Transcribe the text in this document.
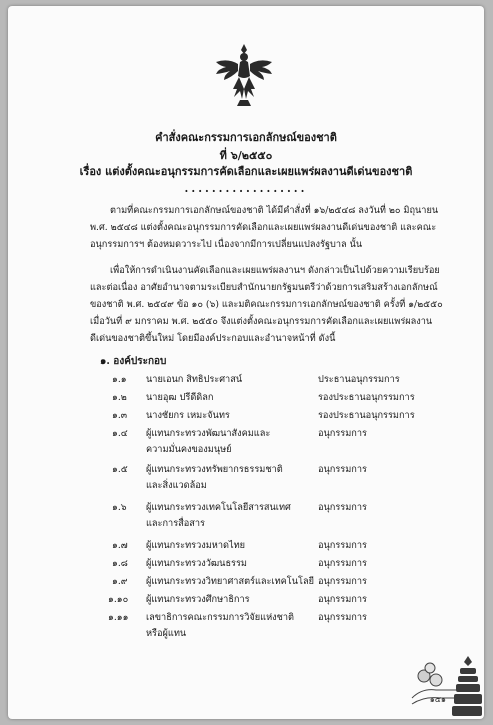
คำสั่งคณะกรรมการเอกลักษณ์ของชาติ
ที่ ๖/๒๕๕๐
เรื่อง แต่งตั้งคณะอนุกรรมการคัดเลือกและเผยแพร่ผลงานดีเด่นของชาติ
..................
ตามที่คณะกรรมการเอกลักษณ์ของชาติ ได้มีคำสั่งที่ ๑๖/๒๕๔๘ ลงวันที่ ๒๐ มิถุนายน
พ.ศ. ๒๕๔๘ แต่งตั้งคณะอนุกรรมการคัดเลือกและเผยแพร่ผลงานดีเด่นของชาติ และคณะ
อนุกรรมการฯ ต้องหมดวาระไป เนื่องจากมีการเปลี่ยนแปลงรัฐบาล นั้น
เพื่อให้การดำเนินงานคัดเลือกและเผยแพร่ผลงานฯ ดังกล่าวเป็นไปด้วยความเรียบร้อย
และต่อเนื่อง อาศัยอำนาจตามระเบียบสำนักนายกรัฐมนตรีว่าด้วยการเสริมสร้างเอกลักษณ์
ของชาติ พ.ศ. ๒๕๔๙ ข้อ ๑๐ (๖) และมติคณะกรรมการเอกลักษณ์ของชาติ ครั้งที่ ๑/๒๕๕๐
เมื่อวันที่ ๙ มกราคม พ.ศ. ๒๕๕๐ จึงแต่งตั้งคณะอนุกรรมการคัดเลือกและเผยแพร่ผลงาน
ดีเด่นของชาติขึ้นใหม่ โดยมีองค์ประกอบและอำนาจหน้าที่ ดังนี้
๑. องค์ประกอบ
๑.๑ นายเอนก สิทธิประศาสน์	ประธานอนุกรรมการ
๑.๒ นายอุฒ ปรีดีดิลก	รองประธานอนุกรรมการ
๑.๓ นางชัยกร เหมะจันทร	รองประธานอนุกรรมการ
๑.๔ ผู้แทนกระทรวงพัฒนาสังคมและ	อนุกรรมการ
ความมั่นคงของมนุษย์
๑.๕ ผู้แทนกระทรวงทรัพยากรธรรมชาติ	อนุกรรมการ
และสิ่งแวดล้อม
๑.๖ ผู้แทนกระทรวงเทคโนโลยีสารสนเทศ	อนุกรรมการ
และการสื่อสาร
๑.๗ ผู้แทนกระทรวงมหาดไทย	อนุกรรมการ
๑.๘ ผู้แทนกระทรวงวัฒนธรรม	อนุกรรมการ
๑.๙ ผู้แทนกระทรวงวิทยาศาสตร์และเทคโนโลยี อนุกรรมการ
๑.๑๐ ผู้แทนกระทรวงศึกษาธิการ	อนุกรรมการ
๑.๑๑ เลขาธิการคณะกรรมการวิจัยแห่งชาติ	อนุกรรมการ
หรือผู้แทน
๑๕๑
